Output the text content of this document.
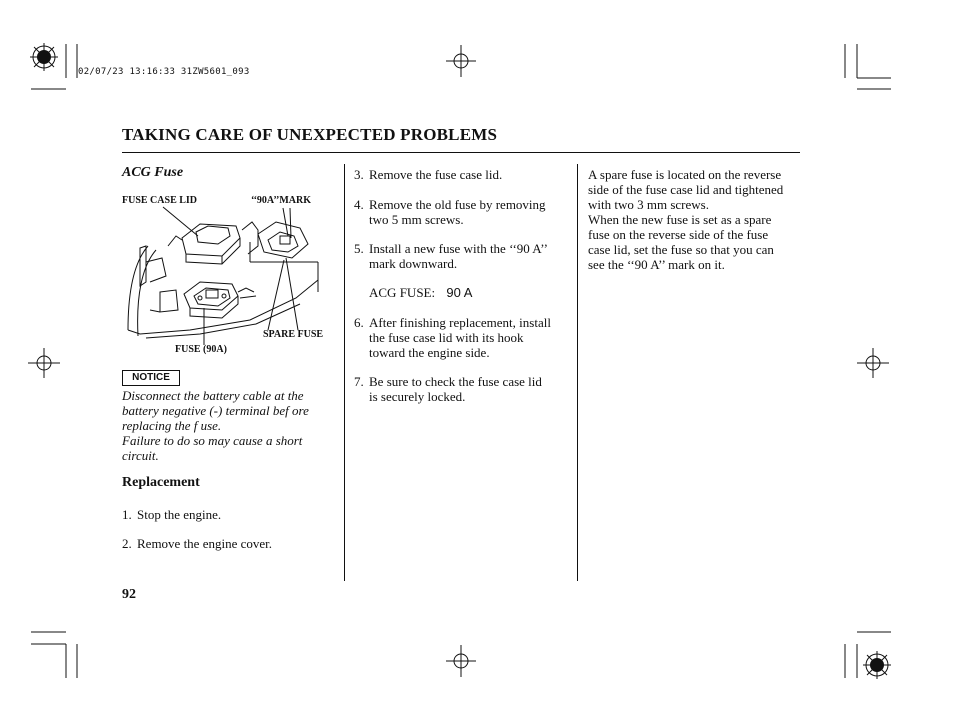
02/07/23 13:16:33 31ZW5601_093
TAKING CARE OF UNEXPECTED PROBLEMS
ACG Fuse
FUSE CASE LID	‘‘90A’’MARK
SPARE FUSE
FUSE (90A)
NOTICE

Disconnect the battery cable at the

battery negative (-) terminal bef ore

replacing the f use.

Failure to do so may cause a short

circuit.

Replacement
1. Stop the engine.
2. Remove the engine cover.
3. Remove the fuse case lid.
4. Remove the old fuse by removing
two 5 mm screws.
5. Install a new fuse with the ‘‘90 A’’
mark downward.
ACG FUSE: 90 A
6. After finishing replacement, install
the fuse case lid with its hook
toward the engine side.
7. Be sure to check the fuse case lid
is securely locked.
A spare fuse is located on the reverse
side of the fuse case lid and tightened
with two 3 mm screws.
When the new fuse is set as a spare
fuse on the reverse side of the fuse
case lid, set the fuse so that you can
see the ‘‘90 A’’ mark on it.
92
